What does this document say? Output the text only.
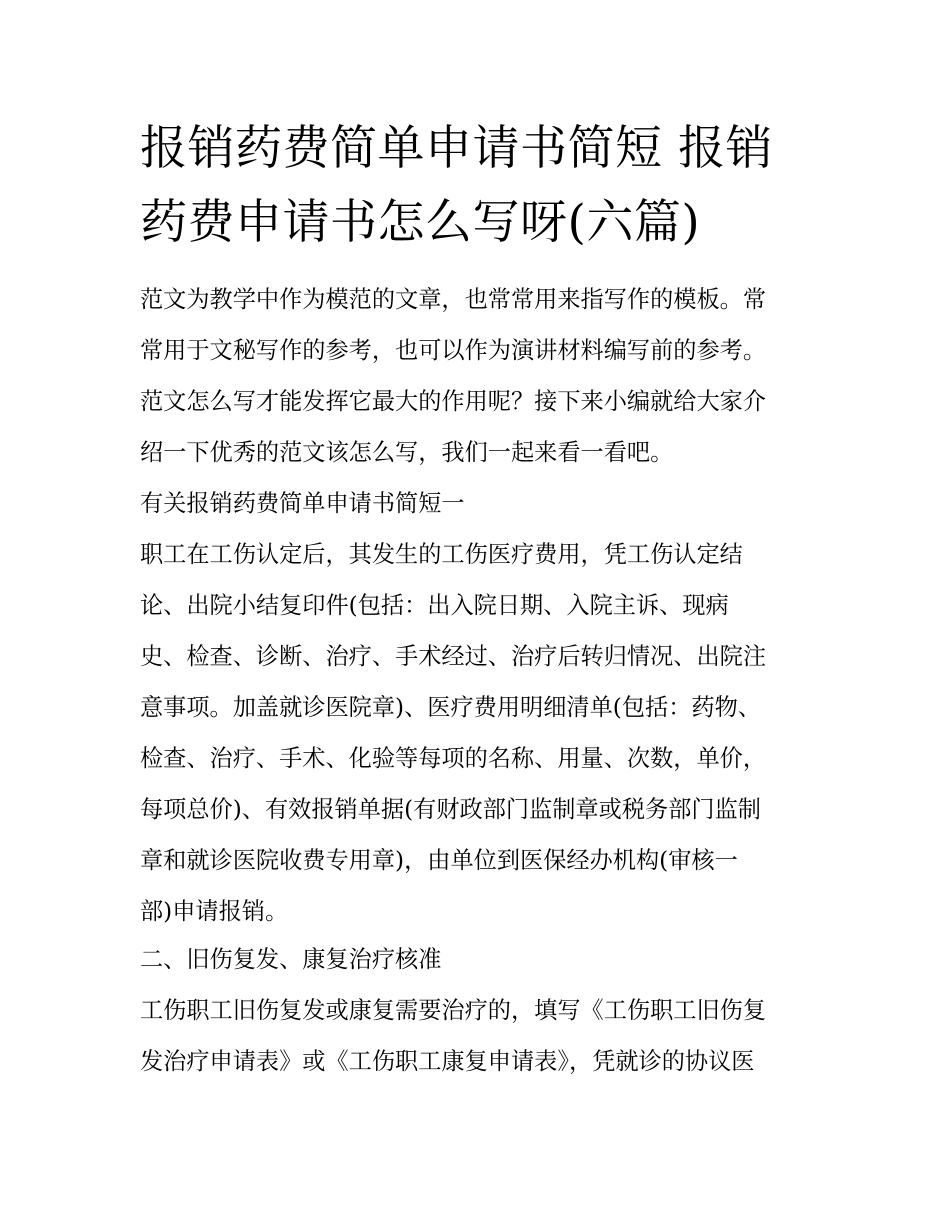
报销药费简单申请书简短 报销
药费申请书怎么写呀(六篇)
范文为教学中作为模范的文章，也常常用来指写作的模板。常
常用于文秘写作的参考，也可以作为演讲材料编写前的参考。
范文怎么写才能发挥它最大的作用呢？接下来小编就给大家介
绍一下优秀的范文该怎么写，我们一起来看一看吧。
有关报销药费简单申请书简短一
职工在工伤认定后，其发生的工伤医疗费用，凭工伤认定结
论、出院小结复印件(包括：出入院日期、入院主诉、现病
史、检查、诊断、治疗、手术经过、治疗后转归情况、出院注
意事项。加盖就诊医院章)、医疗费用明细清单(包括：药物、
检查、治疗、手术、化验等每项的名称、用量、次数，单价，
每项总价)、有效报销单据(有财政部门监制章或税务部门监制
章和就诊医院收费专用章)，由单位到医保经办机构(审核一
部)申请报销。
二、旧伤复发、康复治疗核准
工伤职工旧伤复发或康复需要治疗的，填写《工伤职工旧伤复
发治疗申请表》或《工伤职工康复申请表》，凭就诊的协议医
